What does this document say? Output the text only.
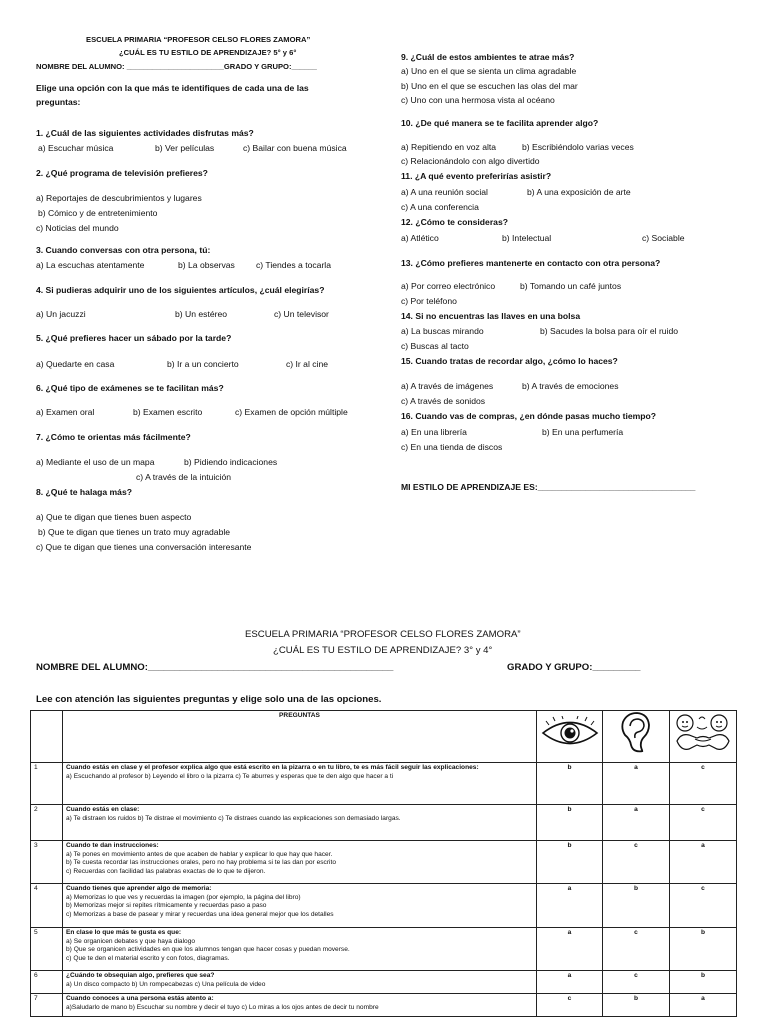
ESCUELA PRIMARIA “PROFESOR CELSO FLORES ZAMORA”
¿CUÁL ES TU ESTILO DE APRENDIZAJE? 5° y 6°
NOMBRE DEL ALUMNO: _______________________GRADO Y GRUPO:______
Elige una opción con la que más te identifiques de cada una de las
preguntas:
1. ¿Cuál de las siguientes actividades disfrutas más?
a) Escuchar música	b) Ver películas	c) Bailar con buena música
2. ¿Qué programa de televisión prefieres?
a) Reportajes de descubrimientos y lugares
b) Cómico y de entretenimiento
c) Noticias del mundo
3. Cuando conversas con otra persona, tú:
a) La escuchas atentamente	b) La observas c) Tiendes a tocarla
4. Si pudieras adquirir uno de los siguientes artículos, ¿cuál elegirías?
a) Un jacuzzi	b) Un estéreo	c) Un televisor
5. ¿Qué prefieres hacer un sábado por la tarde?
a) Quedarte en casa	b) Ir a un concierto	c) Ir al cine
6. ¿Qué tipo de exámenes se te facilitan más?
a) Examen oral	b) Examen escrito	c) Examen de opción múltiple
7. ¿Cómo te orientas más fácilmente?
a) Mediante el uso de un mapa	b) Pidiendo indicaciones
c) A través de la intuición
8. ¿Qué te halaga más?
a) Que te digan que tienes buen aspecto
b) Que te digan que tienes un trato muy agradable
c) Que te digan que tienes una conversación interesante
9. ¿Cuál de estos ambientes te atrae más?
a) Uno en el que se sienta un clima agradable
b) Uno en el que se escuchen las olas del mar
c) Uno con una hermosa vista al océano
10. ¿De qué manera se te facilita aprender algo?
a) Repitiendo en voz alta	b) Escribiéndolo varias veces
c) Relacionándolo con algo divertido
11. ¿A qué evento preferirías asistir?
a) A una reunión social	b) A una exposición de arte
c) A una conferencia
12. ¿Cómo te consideras?
a) Atlético	b) Intelectual	c) Sociable
13. ¿Cómo prefieres mantenerte en contacto con otra persona?
a) Por correo electrónico	b) Tomando un café juntos
c) Por teléfono
14. Si no encuentras las llaves en una bolsa
a) La buscas mirando	b) Sacudes la bolsa para oír el ruido
c) Buscas al tacto
15. Cuando tratas de recordar algo, ¿cómo lo haces?
a) A través de imágenes	b) A través de emociones
c) A través de sonidos
16. Cuando vas de compras, ¿en dónde pasas mucho tiempo?
a) En una librería	b) En una perfumería
c) En una tienda de discos
MI ESTILO DE APRENDIZAJE ES:_________________________________
ESCUELA PRIMARIA “PROFESOR CELSO FLORES ZAMORA”
¿CUÁL ES TU ESTILO DE APRENDIZAJE? 3° y 4°
NOMBRE DEL ALUMNO:______________________________________________	GRADO Y GRUPO:_________
Lee con atención las siguientes preguntas y elige solo una de las opciones.
	PREGUNTAS	

1	Cuando estás en clase y el profesor explica algo que está escrito en la pizarra o en tu libro, te es más fácil seguir las explicaciones:
a) Escuchando al profesor b) Leyendo el libro o la pizarra c) Te aburres y esperas que te den algo que hacer a ti	b	a	c
2	Cuando estás en clase:
a) Te distraen los ruidos b) Te distrae el movimiento c) Te distraes cuando las explicaciones son demasiado largas.	b	a	c
3	Cuando te dan instrucciones:
a) Te pones en movimiento antes de que acaben de hablar y explicar lo que hay que hacer.
b) Te cuesta recordar las instrucciones orales, pero no hay problema si te las dan por escrito
c) Recuerdas con facilidad las palabras exactas de lo que te dijeron.	b	c	a
4	Cuando tienes que aprender algo de memoria:
a) Memorizas lo que ves y recuerdas la imagen (por ejemplo, la página del libro)
b) Memorizas mejor si repites rítmicamente y recuerdas paso a paso
c) Memorizas a base de pasear y mirar y recuerdas una idea general mejor que los detalles	a	b	c
5	En clase lo que más te gusta es que:
a) Se organicen debates y que haya dialogo
b) Que se organicen actividades en que los alumnos tengan que hacer cosas y puedan moverse.
c) Que te den el material escrito y con fotos, diagramas.	a	c	b
6	¿Cuándo te obsequian algo, prefieres que sea?
a) Un disco compacto b) Un rompecabezas c) Una película de video	a	c	b
7	Cuando conoces a una persona estás atento a:
a)Saludarlo de mano b) Escuchar su nombre y decir el tuyo c) Lo miras a los ojos antes de decir tu nombre	c	b	a
